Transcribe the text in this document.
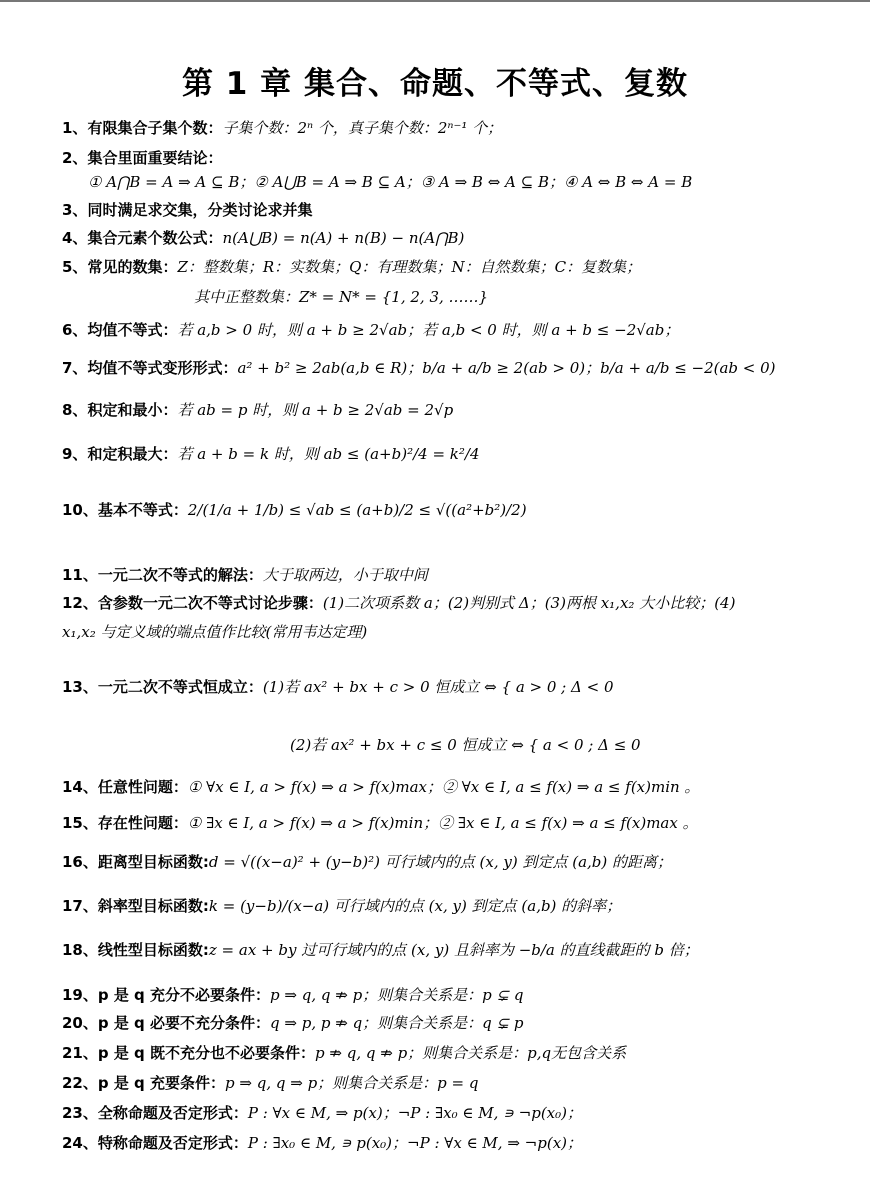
第 1 章 集合、命题、不等式、复数
1、有限集合子集个数：子集个数：2ⁿ 个，真子集个数：2ⁿ⁻¹ 个；
2、集合里面重要结论：
① A⋂B = A ⇒ A ⊆ B；② A⋃B = A ⇒ B ⊆ A；③ A ⇒ B ⇔ A ⊆ B；④ A ⇔ B ⇔ A = B
3、同时满足求交集，分类讨论求并集
4、集合元素个数公式：n(A⋃B) = n(A) + n(B) − n(A⋂B)
5、常见的数集：Z：整数集；R：实数集；Q：有理数集；N：自然数集；C：复数集；
其中正整数集：Z* = N* = {1, 2, 3, ……}
6、均值不等式：若 a,b > 0 时，则 a + b ≥ 2√ab；若 a,b < 0 时，则 a + b ≤ −2√ab；
7、均值不等式变形形式：a² + b² ≥ 2ab(a,b ∈ R)；b/a + a/b ≥ 2(ab > 0)；b/a + a/b ≤ −2(ab < 0)
8、积定和最小：若 ab = p 时，则 a + b ≥ 2√ab = 2√p
9、和定积最大：若 a + b = k 时，则 ab ≤ (a+b)²/4 = k²/4
10、基本不等式：2/(1/a + 1/b) ≤ √ab ≤ (a+b)/2 ≤ √((a²+b²)/2)
11、一元二次不等式的解法：大于取两边，小于取中间
12、含参数一元二次不等式讨论步骤：(1)二次项系数 a；(2)判别式 Δ；(3)两根 x₁,x₂ 大小比较；(4)
x₁,x₂ 与定义域的端点值作比较(常用韦达定理)
13、一元二次不等式恒成立：(1)若 ax² + bx + c > 0 恒成立 ⇔ { a > 0 ; Δ < 0
(2)若 ax² + bx + c ≤ 0 恒成立 ⇔ { a < 0 ; Δ ≤ 0
14、任意性问题：① ∀x ∈ I, a > f(x) ⇒ a > f(x)max；② ∀x ∈ I, a ≤ f(x) ⇒ a ≤ f(x)min 。
15、存在性问题：① ∃x ∈ I, a > f(x) ⇒ a > f(x)min；② ∃x ∈ I, a ≤ f(x) ⇒ a ≤ f(x)max 。
16、距离型目标函数:d = √((x−a)² + (y−b)²) 可行域内的点 (x, y) 到定点 (a,b) 的距离；
17、斜率型目标函数:k = (y−b)/(x−a) 可行域内的点 (x, y) 到定点 (a,b) 的斜率；
18、线性型目标函数:z = ax + by 过可行域内的点 (x, y) 且斜率为 −b/a 的直线截距的 b 倍；
19、p 是 q 充分不必要条件：p ⇒ q, q ⇏ p；则集合关系是：p ⊊ q
20、p 是 q 必要不充分条件：q ⇒ p, p ⇏ q；则集合关系是：q ⊊ p
21、p 是 q 既不充分也不必要条件：p ⇏ q, q ⇏ p；则集合关系是：p,q无包含关系
22、p 是 q 充要条件：p ⇒ q, q ⇒ p；则集合关系是：p = q
23、全称命题及否定形式：P : ∀x ∈ M, ⇒ p(x)；¬P : ∃x₀ ∈ M, ∍ ¬p(x₀)；
24、特称命题及否定形式：P : ∃x₀ ∈ M, ∍ p(x₀)；¬P : ∀x ∈ M, ⇒ ¬p(x)；
